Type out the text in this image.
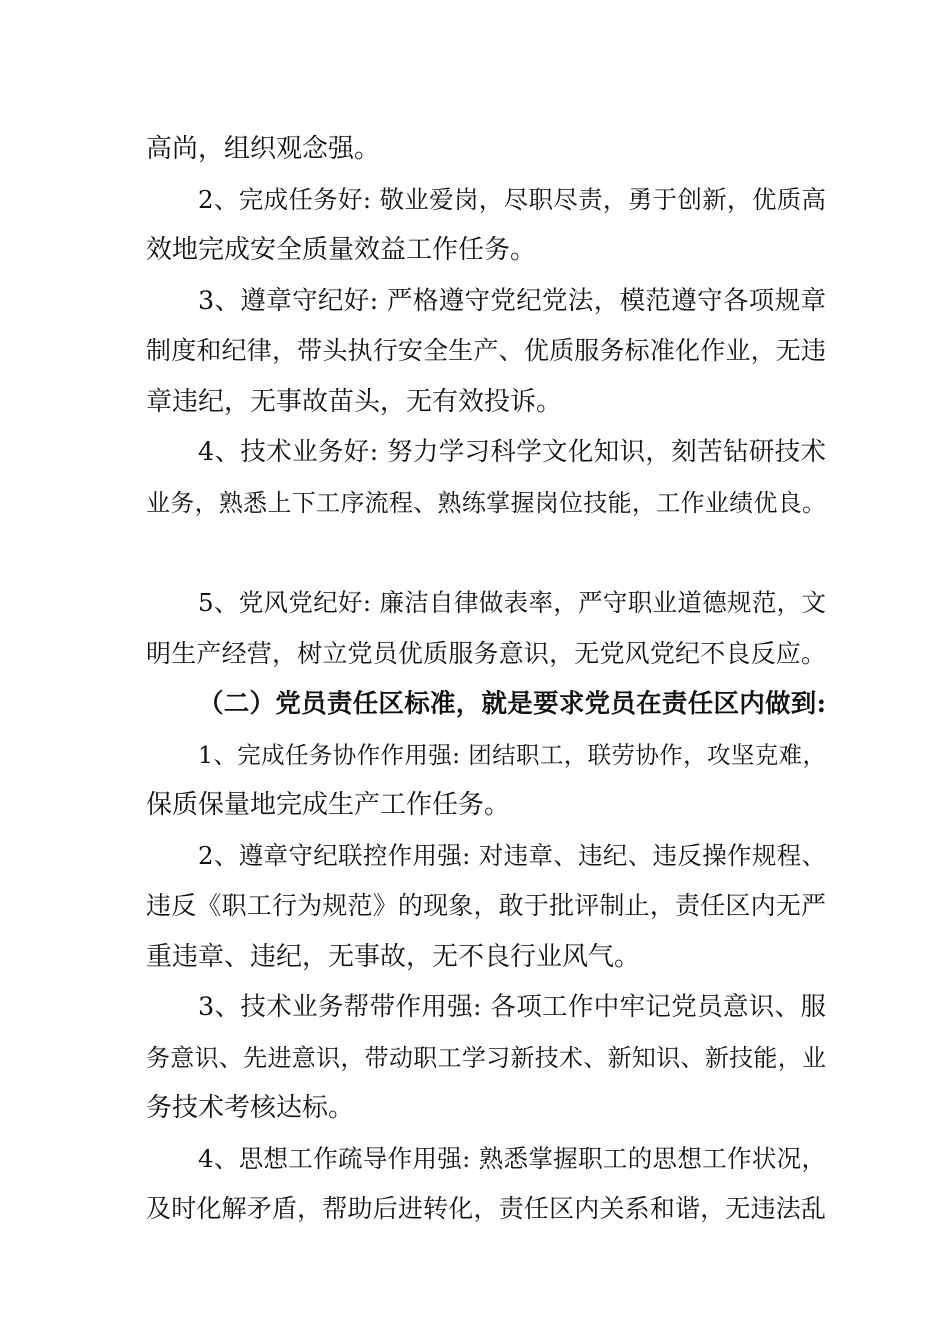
高尚，组织观念强。

2、完成任务好: 敬业爱岗，尽职尽责，勇于创新，优质高

效地完成安全质量效益工作任务。

3、遵章守纪好: 严格遵守党纪党法，模范遵守各项规章

制度和纪律，带头执行安全生产、优质服务标准化作业，无违

章违纪，无事故苗头，无有效投诉。

4、技术业务好: 努力学习科学文化知识，刻苦钻研技术

业务，熟悉上下工序流程、熟练掌握岗位技能，工作业绩优良。

5、党风党纪好: 廉洁自律做表率，严守职业道德规范，文

明生产经营，树立党员优质服务意识，无党风党纪不良反应。

（二）党员责任区标准，就是要求党员在责任区内做到:

1、完成任务协作作用强: 团结职工，联劳协作，攻坚克难，

保质保量地完成生产工作任务。

2、遵章守纪联控作用强: 对违章、违纪、违反操作规程、

违反《职工行为规范》的现象，敢于批评制止，责任区内无严

重违章、违纪，无事故，无不良行业风气。

3、技术业务帮带作用强: 各项工作中牢记党员意识、服

务意识、先进意识，带动职工学习新技术、新知识、新技能，业

务技术考核达标。

4、思想工作疏导作用强: 熟悉掌握职工的思想工作状况，

及时化解矛盾，帮助后进转化，责任区内关系和谐，无违法乱
